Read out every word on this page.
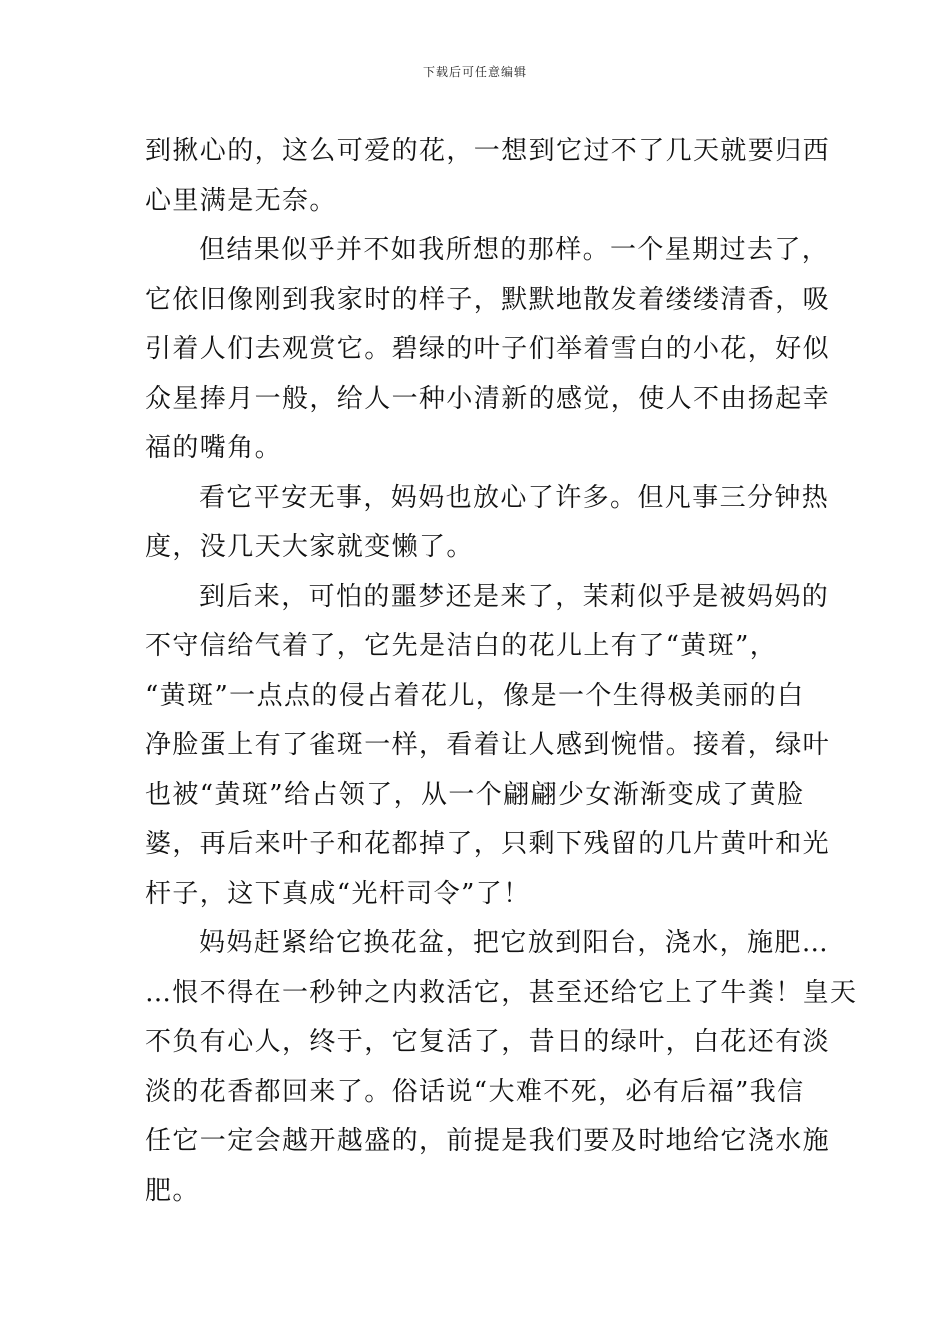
下载后可任意编辑
到揪心的，这么可爱的花，一想到它过不了几天就要归西
心里满是无奈。
但结果似乎并不如我所想的那样。一个星期过去了，
它依旧像刚到我家时的样子，默默地散发着缕缕清香，吸
引着人们去观赏它。碧绿的叶子们举着雪白的小花，好似
众星捧月一般，给人一种小清新的感觉，使人不由扬起幸
福的嘴角。
看它平安无事，妈妈也放心了许多。但凡事三分钟热
度，没几天大家就变懒了。
到后来，可怕的噩梦还是来了，茉莉似乎是被妈妈的
不守信给气着了，它先是洁白的花儿上有了“黄斑”，
“黄斑”一点点的侵占着花儿，像是一个生得极美丽的白
净脸蛋上有了雀斑一样，看着让人感到惋惜。接着，绿叶
也被“黄斑”给占领了，从一个翩翩少女渐渐变成了黄脸
婆，再后来叶子和花都掉了，只剩下残留的几片黄叶和光
杆子，这下真成“光杆司令”了！
妈妈赶紧给它换花盆，把它放到阳台，浇水，施肥…
…恨不得在一秒钟之内救活它，甚至还给它上了牛粪！皇天
不负有心人，终于，它复活了，昔日的绿叶，白花还有淡
淡的花香都回来了。俗话说“大难不死，必有后福”我信
任它一定会越开越盛的，前提是我们要及时地给它浇水施
肥。
